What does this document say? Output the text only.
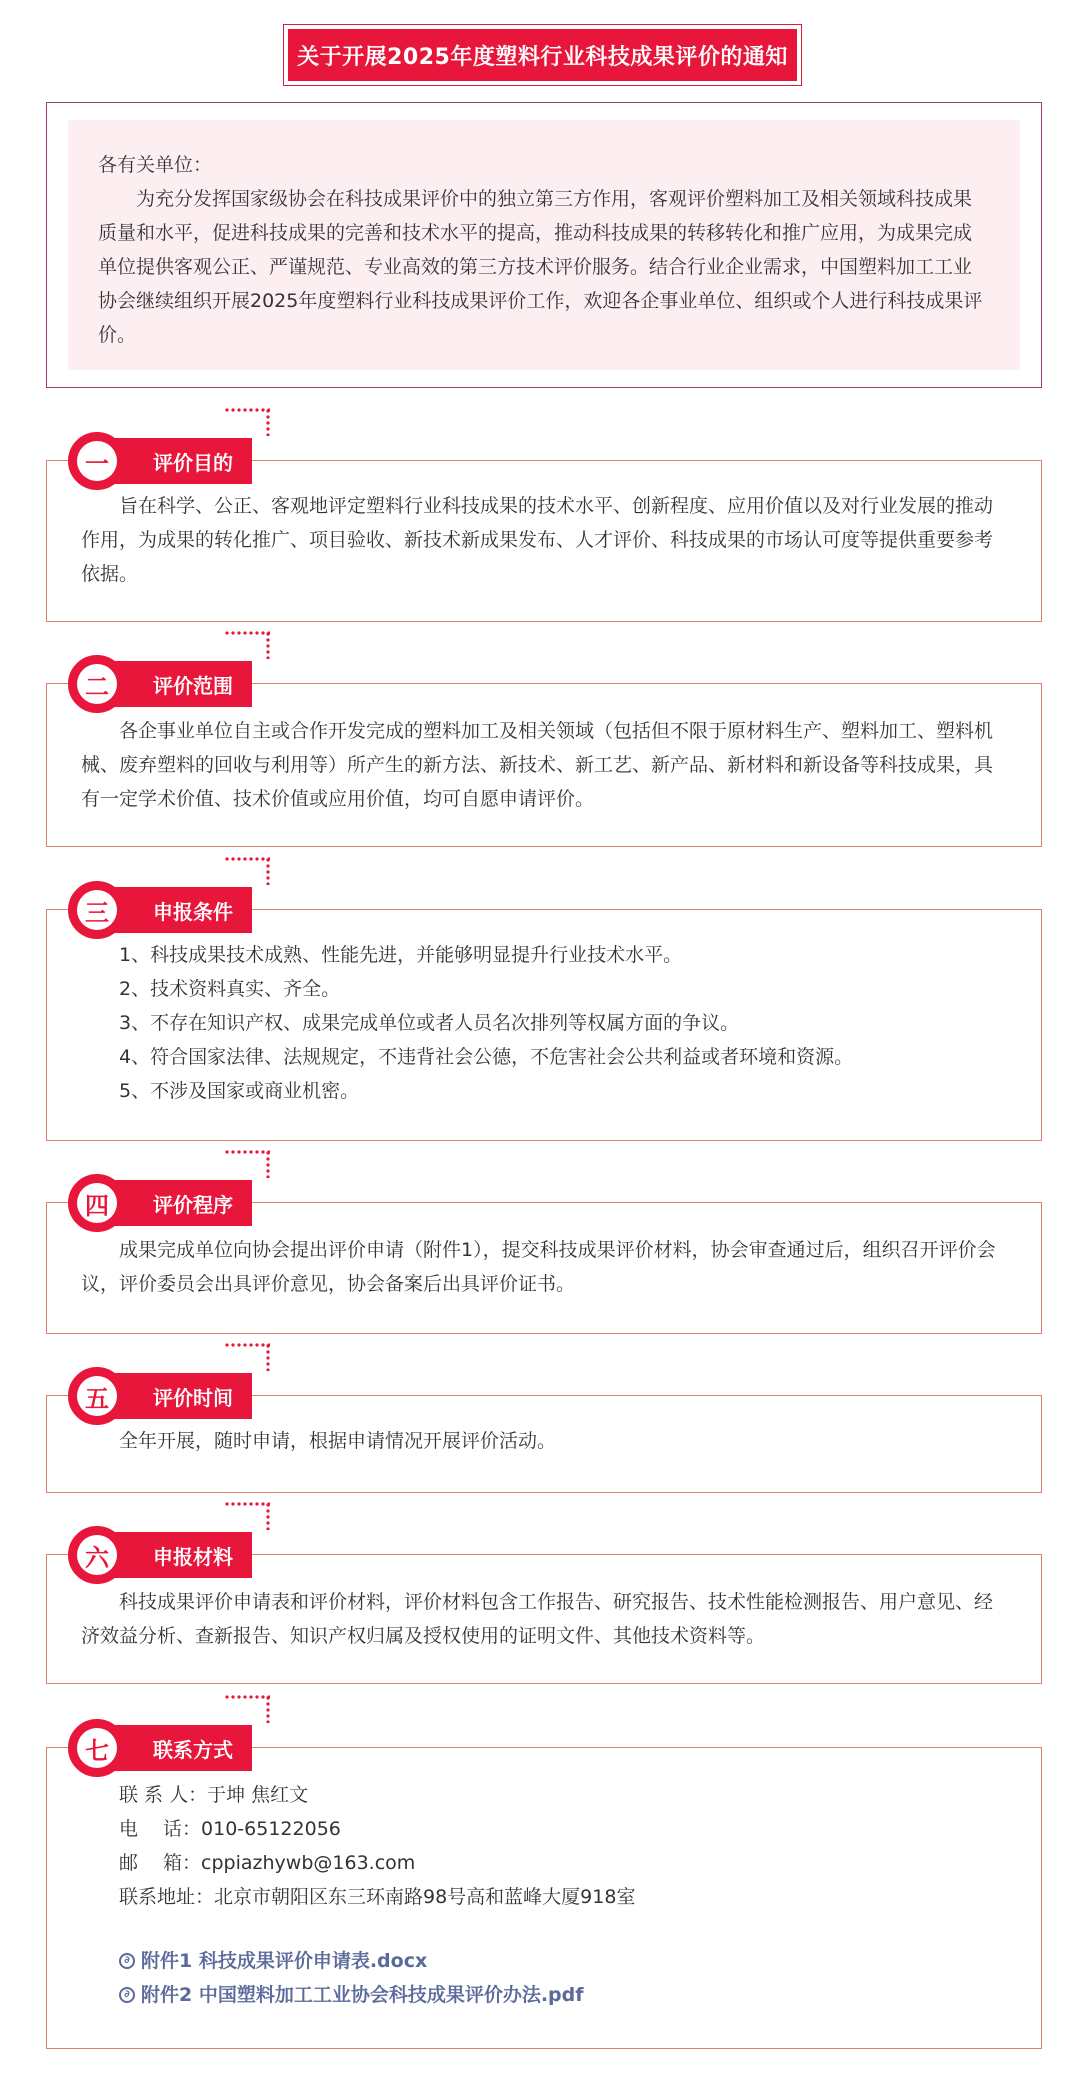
关于开展2025年度塑料行业科技成果评价的通知

各有关单位：

为充分发挥国家级协会在科技成果评价中的独立第三方作用，客观评价塑料加工及相关领域科技成果质量和水平，促进科技成果的完善和技术水平的提高，推动科技成果的转移转化和推广应用，为成果完成单位提供客观公正、严谨规范、专业高效的第三方技术评价服务。结合行业企业需求，中国塑料加工工业协会继续组织开展2025年度塑料行业科技成果评价工作，欢迎各企事业单位、组织或个人进行科技成果评价。

旨在科学、公正、客观地评定塑料行业科技成果的技术水平、创新程度、应用价值以及对行业发展的推动作用，为成果的转化推广、项目验收、新技术新成果发布、人才评价、科技成果的市场认可度等提供重要参考依据。

评价目的
一

各企事业单位自主或合作开发完成的塑料加工及相关领域（包括但不限于原材料生产、塑料加工、塑料机械、废弃塑料的回收与利用等）所产生的新方法、新技术、新工艺、新产品、新材料和新设备等科技成果，具有一定学术价值、技术价值或应用价值，均可自愿申请评价。

评价范围
二

1、科技成果技术成熟、性能先进，并能够明显提升行业技术水平。

2、技术资料真实、齐全。

3、不存在知识产权、成果完成单位或者人员名次排列等权属方面的争议。

4、符合国家法律、法规规定，不违背社会公德，不危害社会公共利益或者环境和资源。

5、不涉及国家或商业机密。

申报条件
三

成果完成单位向协会提出评价申请（附件1），提交科技成果评价材料，协会审查通过后，组织召开评价会议，评价委员会出具评价意见，协会备案后出具评价证书。

评价程序
四

全年开展，随时申请，根据申请情况开展评价活动。

评价时间
五

科技成果评价申请表和评价材料，评价材料包含工作报告、研究报告、技术性能检测报告、用户意见、经济效益分析、查新报告、知识产权归属及授权使用的证明文件、其他技术资料等。

申报材料
六

联 系 人：于坤 焦红文

电　 话：010-65122056

邮　 箱：cppiazhywb@163.com

联系地址：北京市朝阳区东三环南路98号高和蓝峰大厦918室

∂ 附件1 科技成果评价申请表.docx

∂ 附件2 中国塑料加工工业协会科技成果评价办法.pdf

联系方式
七
